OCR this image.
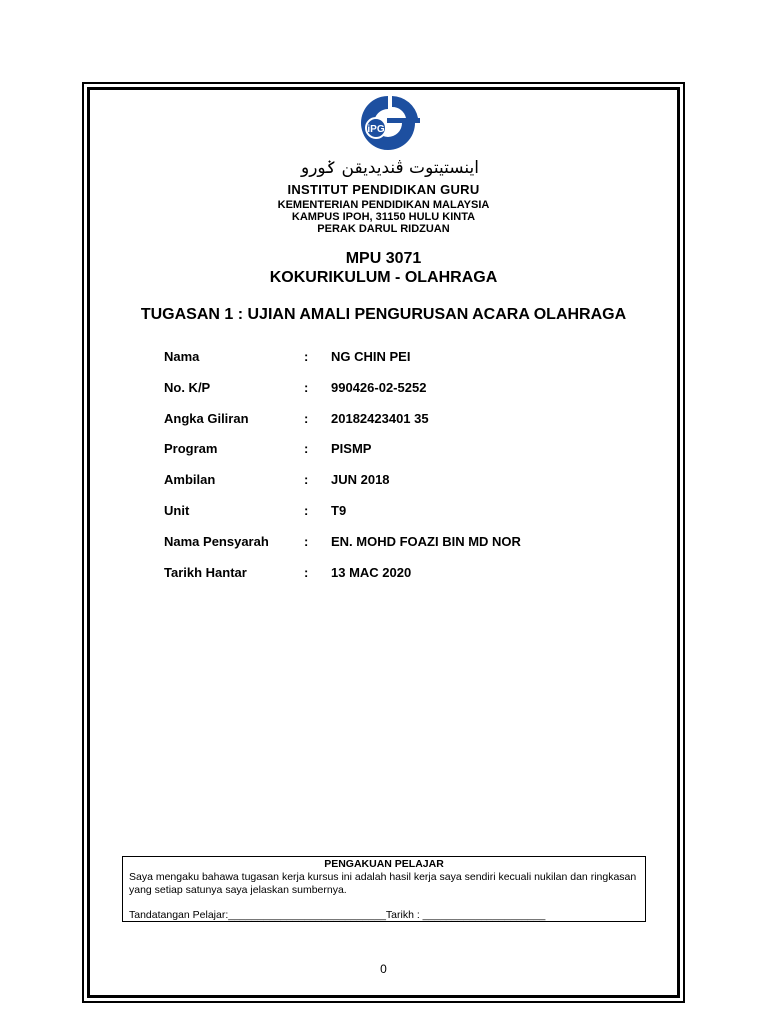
iPG
اينستيتوت ڤنديديقن ݢورو
INSTITUT PENDIDIKAN GURU
KEMENTERIAN PENDIDIKAN MALAYSIA
KAMPUS IPOH, 31150 HULU KINTA
PERAK DARUL RIDZUAN
MPU 3071
KOKURIKULUM - OLAHRAGA
TUGASAN 1 : UJIAN AMALI PENGURUSAN ACARA OLAHRAGA
Nama	: NG CHIN PEI
No. K/P	: 990426-02-5252
Angka Giliran	: 20182423401 35
Program	: PISMP
Ambilan	: JUN 2018
Unit	: T9
Nama Pensyarah	: EN. MOHD FOAZI BIN MD NOR
Tarikh Hantar	: 13 MAC 2020
PENGAKUAN PELAJAR
Saya mengaku bahawa tugasan kerja kursus ini adalah hasil kerja saya sendiri kecuali nukilan dan ringkasan yang setiap satunya saya jelaskan sumbernya.
Tandatangan Pelajar:___________________________Tarikh : _____________________
0
